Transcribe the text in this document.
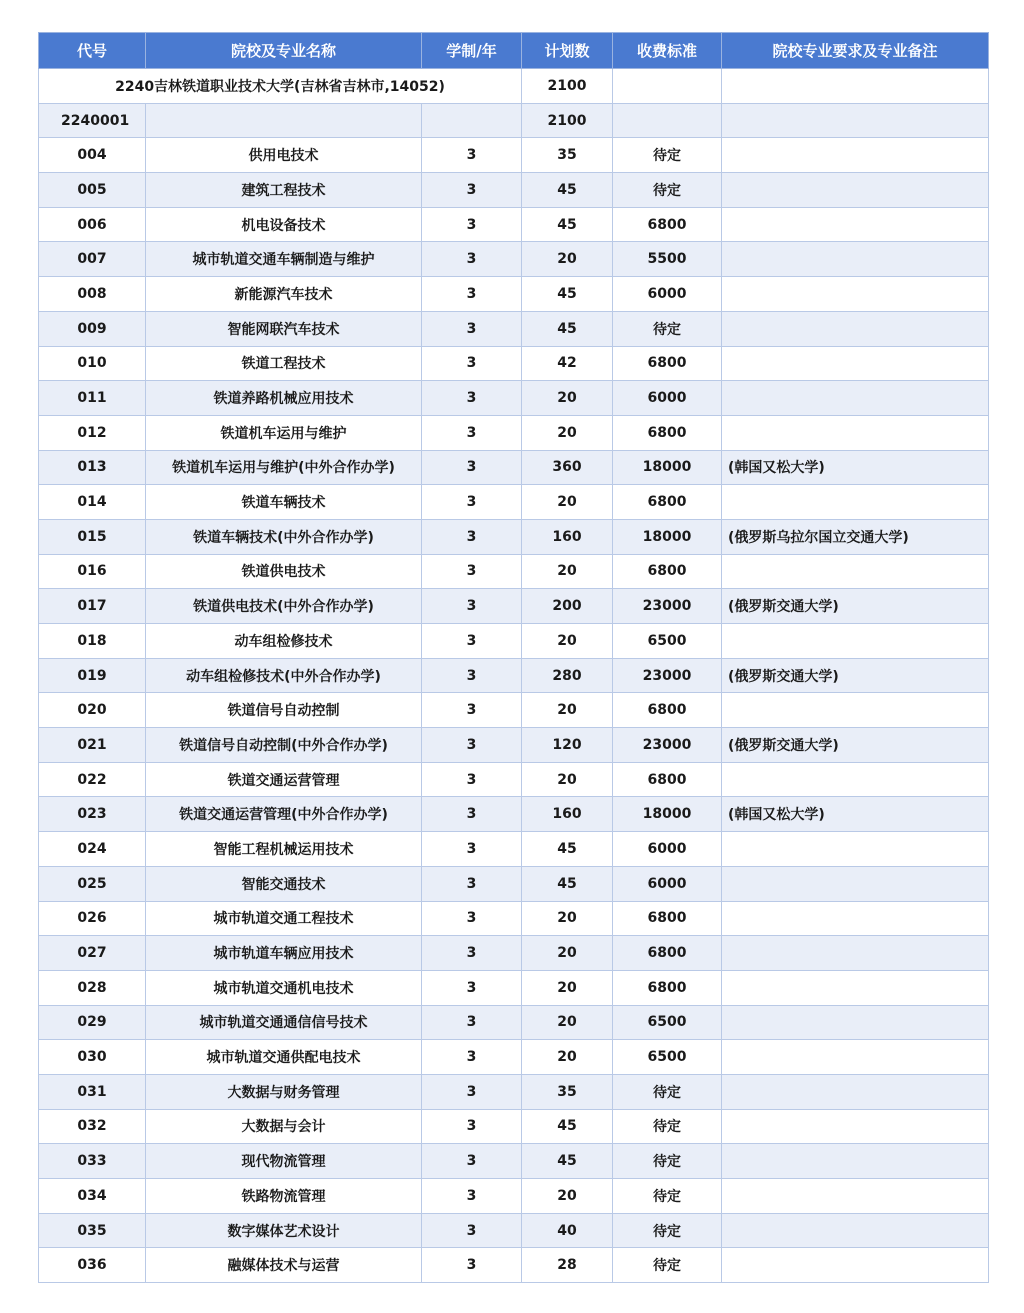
代号	院校及专业名称	学制/年	计划数	收费标准	院校专业要求及专业备注
2240吉林铁道职业技术大学(吉林省吉林市,14052)			2100		
2240001			2100		
004	供用电技术	3	35	待定	
005	建筑工程技术	3	45	待定	
006	机电设备技术	3	45	6800	
007	城市轨道交通车辆制造与维护	3	20	5500	
008	新能源汽车技术	3	45	6000	
009	智能网联汽车技术	3	45	待定	
010	铁道工程技术	3	42	6800	
011	铁道养路机械应用技术	3	20	6000	
012	铁道机车运用与维护	3	20	6800	
013	铁道机车运用与维护(中外合作办学)	3	360	18000	(韩国又松大学)
014	铁道车辆技术	3	20	6800	
015	铁道车辆技术(中外合作办学)	3	160	18000	(俄罗斯乌拉尔国立交通大学)
016	铁道供电技术	3	20	6800	
017	铁道供电技术(中外合作办学)	3	200	23000	(俄罗斯交通大学)
018	动车组检修技术	3	20	6500	
019	动车组检修技术(中外合作办学)	3	280	23000	(俄罗斯交通大学)
020	铁道信号自动控制	3	20	6800	
021	铁道信号自动控制(中外合作办学)	3	120	23000	(俄罗斯交通大学)
022	铁道交通运营管理	3	20	6800	
023	铁道交通运营管理(中外合作办学)	3	160	18000	(韩国又松大学)
024	智能工程机械运用技术	3	45	6000	
025	智能交通技术	3	45	6000	
026	城市轨道交通工程技术	3	20	6800	
027	城市轨道车辆应用技术	3	20	6800	
028	城市轨道交通机电技术	3	20	6800	
029	城市轨道交通通信信号技术	3	20	6500	
030	城市轨道交通供配电技术	3	20	6500	
031	大数据与财务管理	3	35	待定	
032	大数据与会计	3	45	待定	
033	现代物流管理	3	45	待定	
034	铁路物流管理	3	20	待定	
035	数字媒体艺术设计	3	40	待定	
036	融媒体技术与运营	3	28	待定	
